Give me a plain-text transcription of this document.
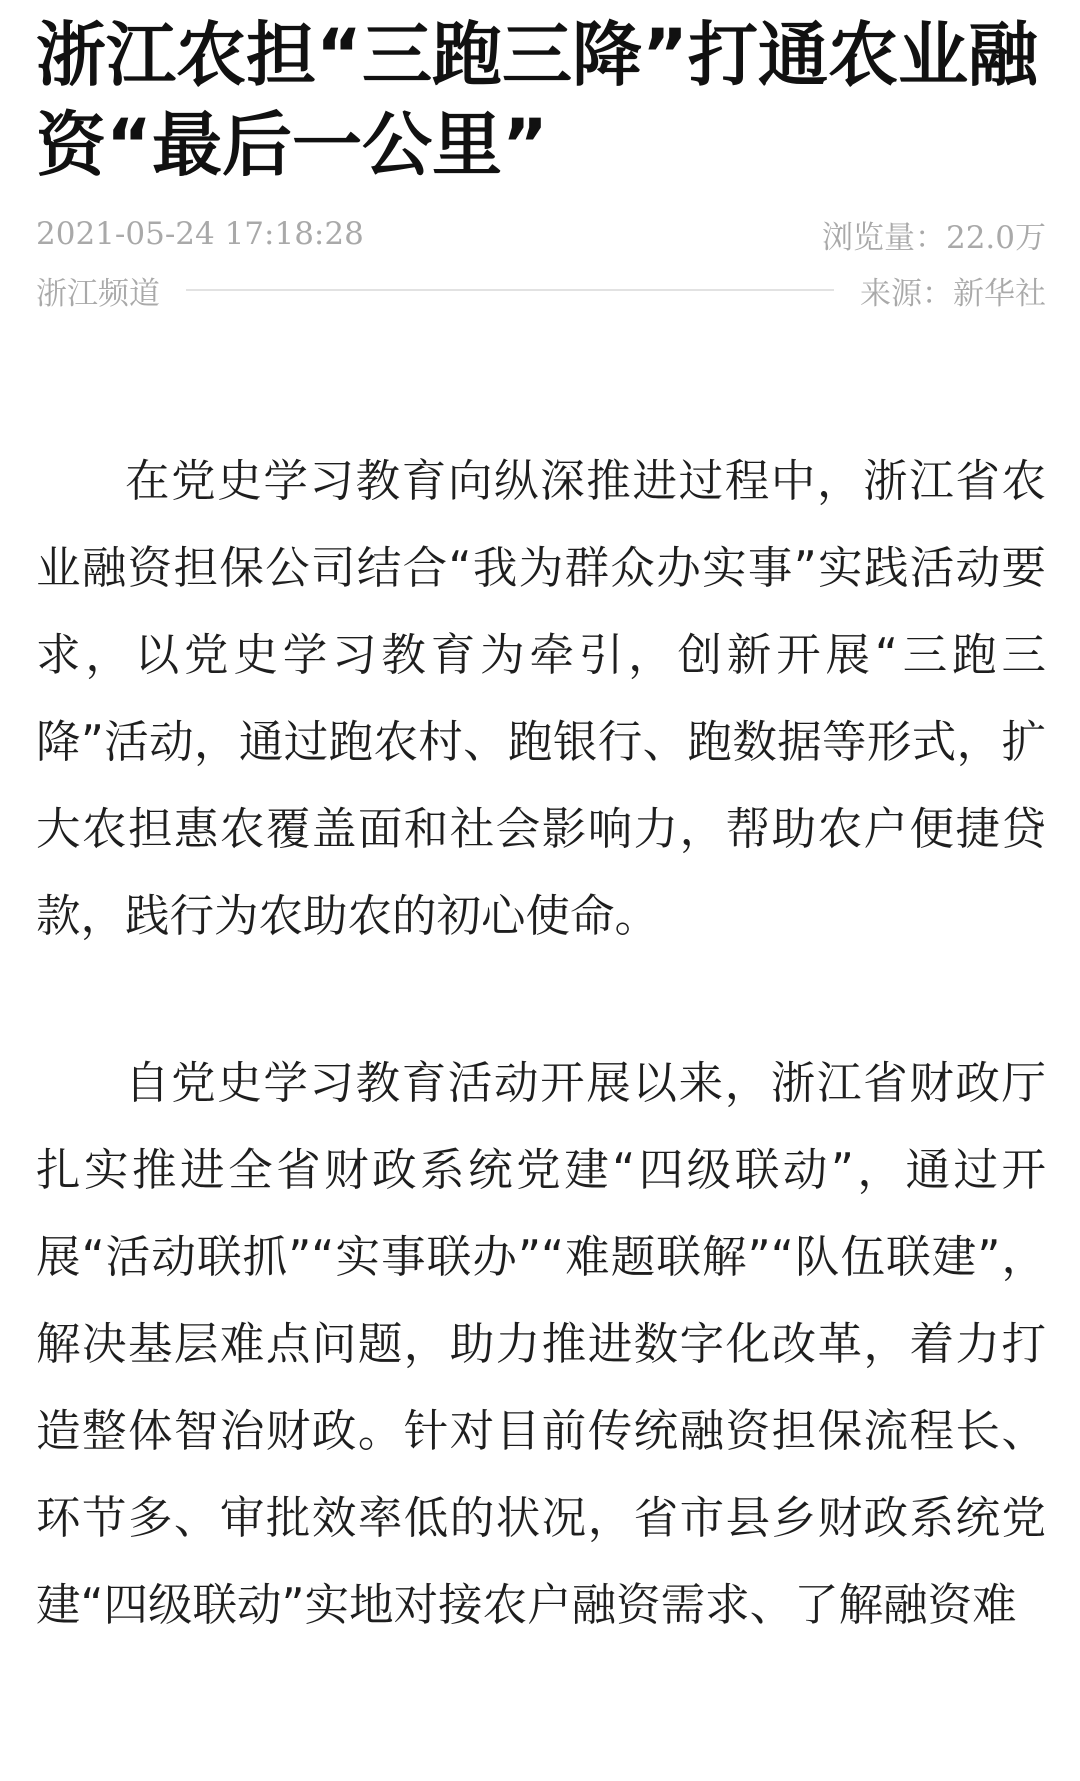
浙江农担“三跑三降”打通农业融资“最后一公里”
2021-05-24 17:18:28	浏览量：22.0万
浙江频道	来源：新华社

在党史学习教育向纵深推进过程中，浙江省农业融资担保公司结合“我为群众办实事”实践活动要求，以党史学习教育为牵引，创新开展“三跑三降”活动，通过跑农村、跑银行、跑数据等形式，扩大农担惠农覆盖面和社会影响力，帮助农户便捷贷款，践行为农助农的初心使命。

自党史学习教育活动开展以来，浙江省财政厅扎实推进全省财政系统党建“四级联动”，通过开展“活动联抓”“实事联办”“难题联解”“队伍联建”，解决基层难点问题，助力推进数字化改革，着力打造整体智治财政。针对目前传统融资担保流程长、环节多、审批效率低的状况，省市县乡财政系统党建“四级联动”实地对接农户融资需求、了解融资难
